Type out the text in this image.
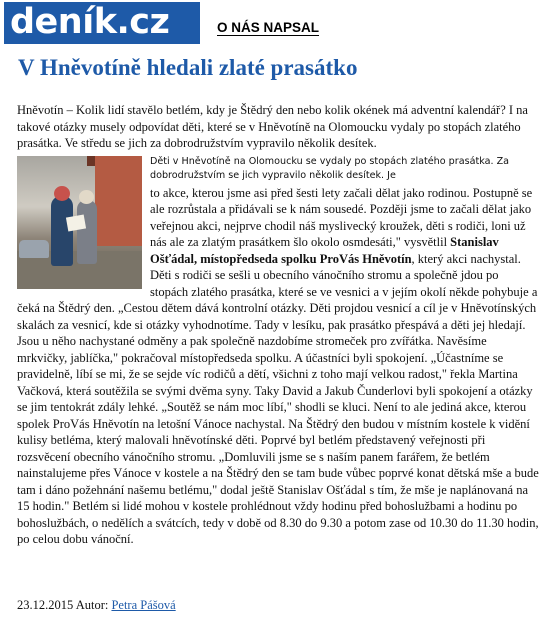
deník.cz	O NÁS NAPSAL
V Hněvotíně hledali zlaté prasátko

Hněvotín – Kolik lidí stavělo betlém, kdy je Štědrý den nebo kolik okének má adventní kalendář? I na takové otázky musely odpovídat děti, které se v Hněvotíně na Olomoucku vydaly po stopách zlatého prasátka. Ve středu se jich za dobrodružstvím vypravilo několik desítek.

Děti v Hněvotíně na Olomoucku se vydaly po stopách zlatého prasátka. Za dobrodružstvím se jich vypravilo několik desítek. Je

to akce, kterou jsme asi před šesti lety začali dělat jako rodinou. Postupně se ale rozrůstala a přidávali se k nám sousedé. Později jsme to začali dělat jako veřejnou akci, nejprve chodil náš myslivecký kroužek, děti s rodiči, loni už nás ale za zlatým prasátkem šlo okolo osmdesáti," vysvětlil Stanislav Ošťádal, místopředseda spolku ProVás Hněvotín, který akci nachystal. Děti s rodiči se sešli u obecního vánočního stromu a společně jdou po stopách zlatého prasátka, které se ve vesnici a v jejím okolí někde pohybuje a čeká na Štědrý den. „Cestou dětem dává kontrolní otázky. Děti projdou vesnicí a cíl je v Hněvotínských skalách za vesnicí, kde si otázky vyhodnotíme. Tady v lesíku, pak prasátko přespává a děti jej hledají. Jsou u něho nachystané odměny a pak společně nazdobíme stromeček pro zvířátka. Navěsíme mrkvičky, jablíčka," pokračoval místopředseda spolku. A účastníci byli spokojení. „Účastníme se pravidelně, líbí se mi, že se sejde víc rodičů a dětí, všichni z toho mají velkou radost," řekla Martina Vačková, která soutěžila se svými dvěma syny. Taky David a Jakub Čunderlovi byli spokojení a otázky se jim tentokrát zdály lehké. „Soutěž se nám moc líbí," shodli se kluci. Není to ale jediná akce, kterou spolek ProVás Hněvotín na letošní Vánoce nachystal. Na Štědrý den budou v místním kostele k vidění kulisy betléma, který malovali hněvotínské děti. Poprvé byl betlém představený veřejnosti při rozsvěcení obecního vánočního stromu. „Domluvili jsme se s naším panem farářem, že betlém nainstalujeme přes Vánoce v kostele a na Štědrý den se tam bude vůbec poprvé konat dětská mše a bude tam i dáno požehnání našemu betlému," dodal ještě Stanislav Ošťádal s tím, že mše je naplánovaná na 15 hodin." Betlém si lidé mohou v kostele prohlédnout vždy hodinu před bohoslužbami a hodinu po bohoslužbách, o nedělích a svátcích, tedy v době od 8.30 do 9.30 a potom zase od 10.30 do 11.30 hodin, po celou dobu vánoční.

23.12.2015 Autor: Petra Pášová
